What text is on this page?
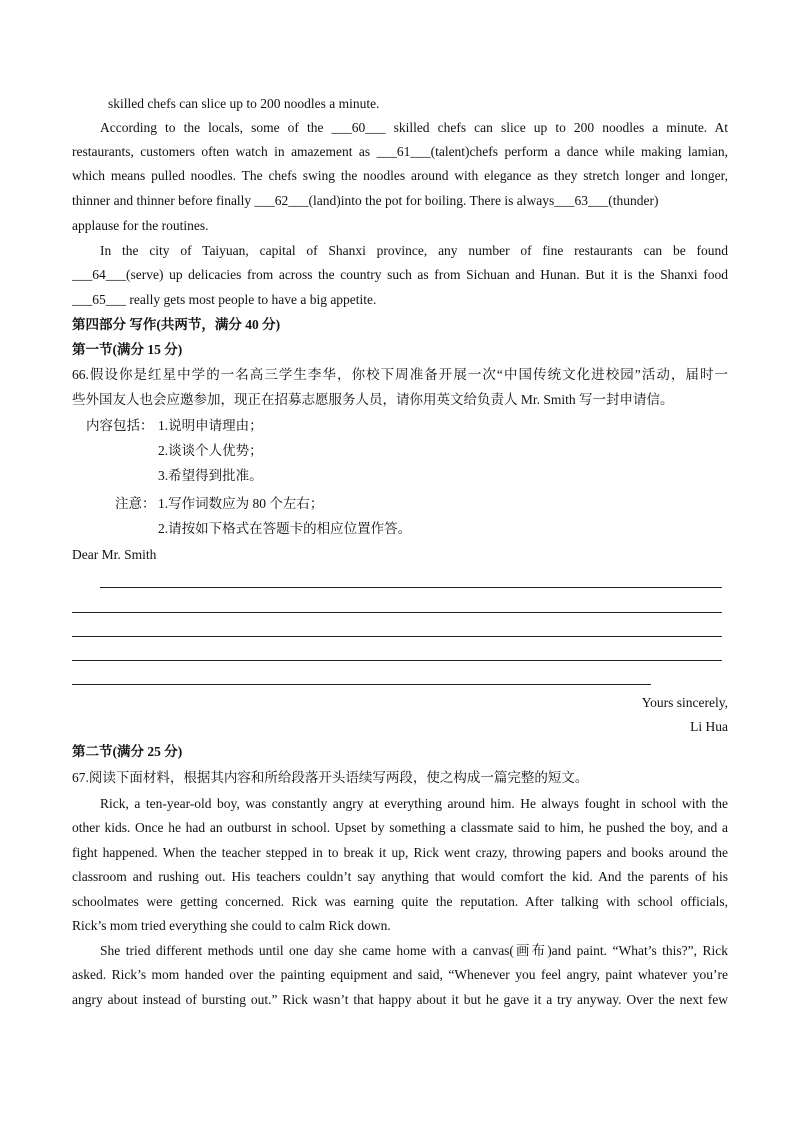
skilled chefs can slice up to 200 noodles a minute.
According to the locals, some of the ___60___ skilled chefs can slice up to 200 noodles a minute. At
restaurants, customers often watch in amazement as ___61___(talent)chefs perform a dance while making lamian,
which means pulled noodles. The chefs swing the noodles around with elegance as they stretch longer and longer,
thinner and thinner before finally ___62___(land)into the pot for boiling. There is always___63___(thunder)
applause for the routines.
In the city of Taiyuan, capital of Shanxi province, any number of fine restaurants can be found
___64___(serve) up delicacies from across the country such as from Sichuan and Hunan. But it is the Shanxi food
___65___ really gets most people to have a big appetite.
第四部分 写作(共两节，满分 40 分)
第一节(满分 15 分)
66.假设你是红星中学的一名高三学生李华，你校下周准备开展一次“中国传统文化进校园”活动，届时一
些外国友人也会应邀参加，现正在招募志愿服务人员，请你用英文给负责人 Mr. Smith 写一封申请信。
内容包括： 1.说明申请理由；
2.谈谈个人优势；
3.希望得到批准。
注意： 1.写作词数应为 80 个左右；
2.请按如下格式在答题卡的相应位置作答。
Dear Mr. Smith
Yours sincerely,
Li Hua
第二节(满分 25 分)
67.阅读下面材料，根据其内容和所给段落开头语续写两段，使之构成一篇完整的短文。
Rick, a ten-year-old boy, was constantly angry at everything around him. He always fought in school with the
other kids. Once he had an outburst in school. Upset by something a classmate said to him, he pushed the boy, and a
fight happened. When the teacher stepped in to break it up, Rick went crazy, throwing papers and books around the
classroom and rushing out. His teachers couldn’t say anything that would comfort the kid. And the parents of his
schoolmates were getting concerned. Rick was earning quite the reputation. After talking with school officials,
Rick’s mom tried everything she could to calm Rick down.
She tried different methods until one day she came home with a canvas(画布)and paint. “What’s this?”, Rick
asked. Rick’s mom handed over the painting equipment and said, “Whenever you feel angry, paint whatever you’re
angry about instead of bursting out.” Rick wasn’t that happy about it but he gave it a try anyway. Over the next few
